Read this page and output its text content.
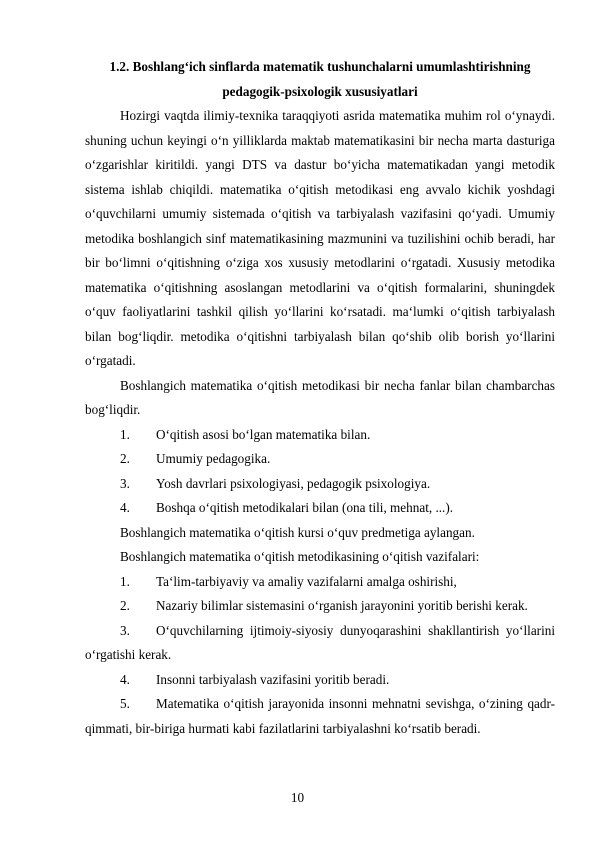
1.2. Boshlang‘ich sinflarda matematik tushunchalarni umumlashtirishning
pedagogik-psixologik xususiyatlari

Hozirgi vaqtda ilimiy-texnika taraqqiyoti asrida matematika muhim rol o‘ynaydi. shuning uchun keyingi o‘n yilliklarda maktab matematikasini bir necha marta dasturiga o‘zgarishlar kiritildi. yangi DTS va dastur bo‘yicha matematikadan yangi metodik sistema ishlab chiqildi. matematika o‘qitish metodikasi eng avvalo kichik yoshdagi o‘quvchilarni umumiy sistemada o‘qitish va tarbiyalash vazifasini qo‘yadi. Umumiy metodika boshlangich sinf matematikasining mazmunini va tuzilishini ochib beradi, har bir bo‘limni o‘qitishning o‘ziga xos xususiy metodlarini o‘rgatadi. Xususiy metodika matematika o‘qitishning asoslangan metodlarini va o‘qitish formalarini, shuningdek o‘quv faoliyatlarini tashkil qilish yo‘llarini ko‘rsatadi. ma‘lumki o‘qitish tarbiyalash bilan bog‘liqdir. metodika o‘qitishni tarbiyalash bilan qo‘shib olib borish yo‘llarini o‘rgatadi.

Boshlangich matematika o‘qitish metodikasi bir necha fanlar bilan chambarchas bog‘liqdir.

1. O‘qitish asosi bo‘lgan matematika bilan.

2. Umumiy pedagogika.

3. Yosh davrlari psixologiyasi, pedagogik psixologiya.

4. Boshqa o‘qitish metodikalari bilan (ona tili, mehnat, ...).

Boshlangich matematika o‘qitish kursi o‘quv predmetiga aylangan.

Boshlangich matematika o‘qitish metodikasining o‘qitish vazifalari:

1. Ta‘lim-tarbiyaviy va amaliy vazifalarni amalga oshirishi,

2. Nazariy bilimlar sistemasini o‘rganish jarayonini yoritib berishi kerak.

3. O‘quvchilarning ijtimoiy-siyosiy dunyoqarashini shakllantirish yo‘llarini o‘rgatishi kerak.

4. Insonni tarbiyalash vazifasini yoritib beradi.

5. Matematika o‘qitish jarayonida insonni mehnatni sevishga, o‘zining qadr-qimmati, bir-biriga hurmati kabi fazilatlarini tarbiyalashni ko‘rsatib beradi.

10
